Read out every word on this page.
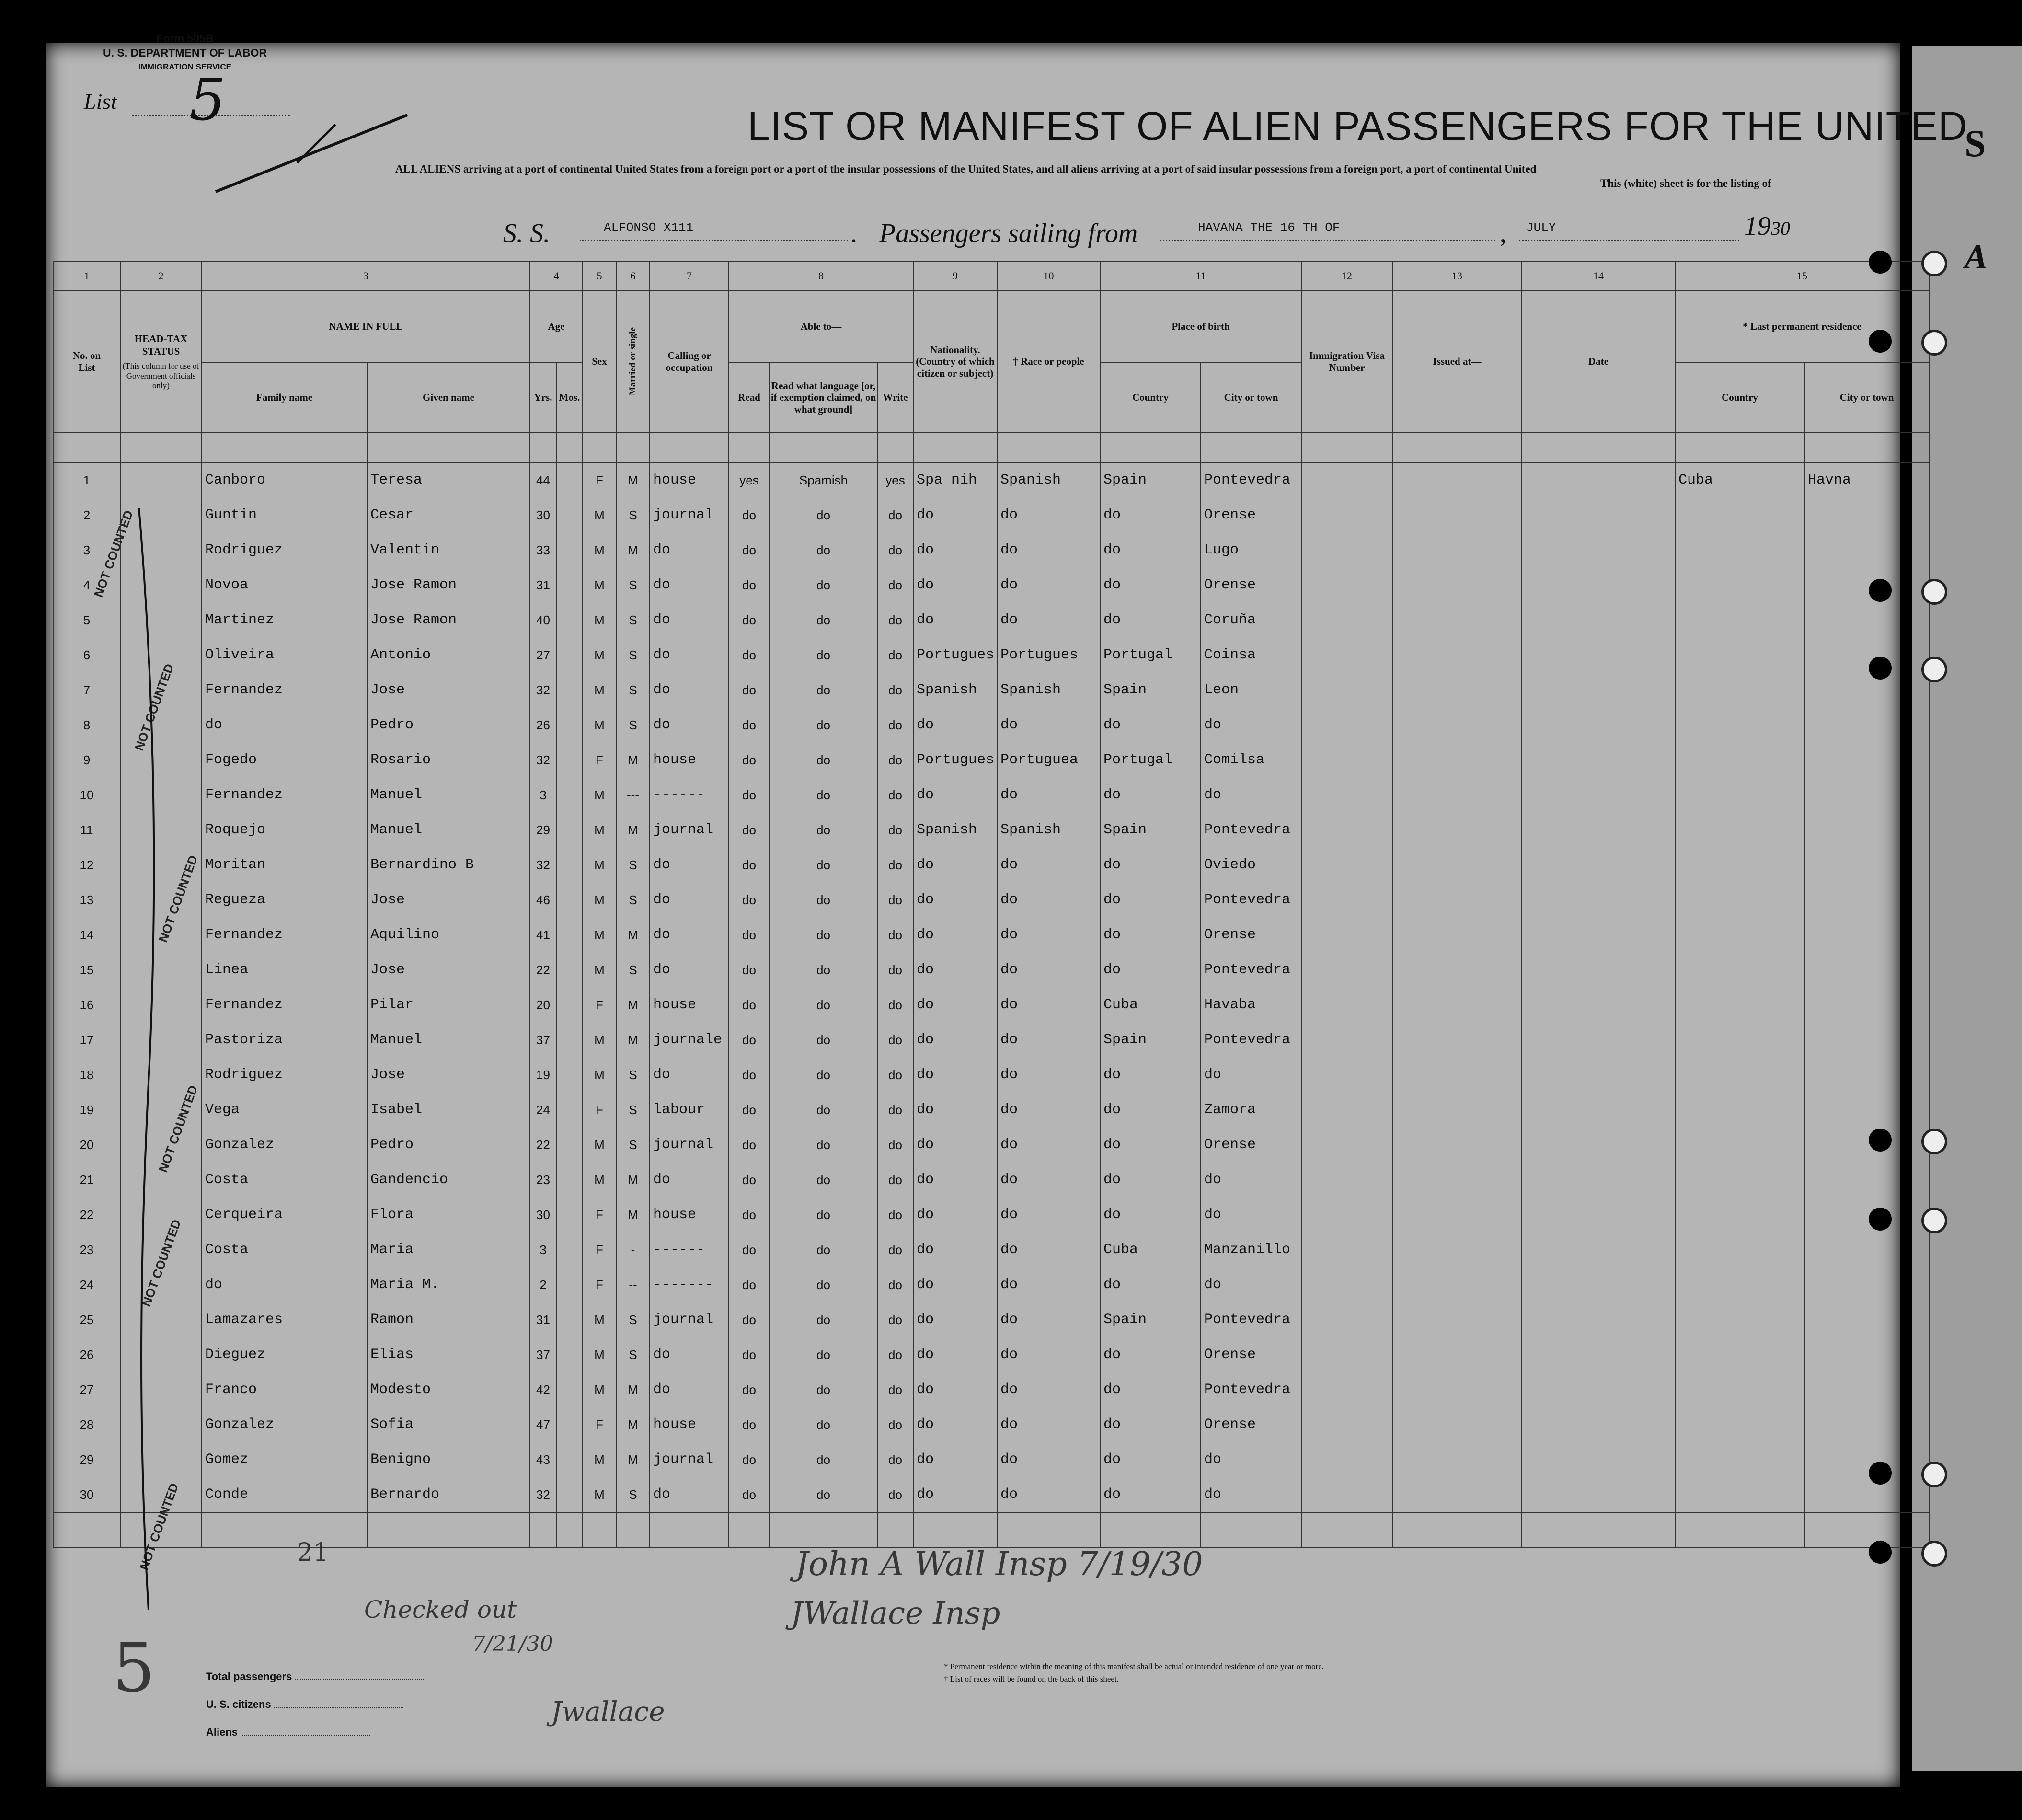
S
A
Form 505B
U. S. DEPARTMENT OF LABOR
IMMIGRATION SERVICE
List 5	LIST OR MANIFEST OF ALIEN PASSENGERS FOR THE UNITED
ALL ALIENS arriving at a port of continental United States from a foreign port or a port of the insular possessions of the United States, and all aliens arriving at a port of said insular possessions from a foreign port, a port of continental United
This (white) sheet is for the listing of
S. S.	ALFONSO X111	. Passengers sailing from	HAVANA THE 16 TH OF	, JULY	1930
1	2	3		4		5	6	7	8			9	10	11		12	13	14	15	

No. on List	HEAD-TAX STATUS
(This column for use of Government officials only)	NAME IN FULL		Age		Sex	Married or single	Calling or occupation	Able to—			Nationality. (Country of which citizen or subject)	† Race or people	Place of birth		Immigration Visa Number	Issued at—	Date	* Last permanent residence	
		Family name	Given name	Yrs.	Mos.				Read	Read what language [or, if exemption claimed, on what ground]	Write			Country	City or town				Country	City or town

1		Canboro	Teresa	44		F	M	house	yes	Spamish	yes	Spa nih	Spanish	Spain	Pontevedra				Cuba	Havna
2		Guntin	Cesar	30		M	S	journal	do	do	do	do	do	do	Orense					
3		Rodriguez	Valentin	33		M	M	do	do	do	do	do	do	do	Lugo					
4		Novoa	Jose Ramon	31		M	S	do	do	do	do	do	do	do	Orense					
5		Martinez	Jose Ramon	40		M	S	do	do	do	do	do	do	do	Coruña					
6		Oliveira	Antonio	27		M	S	do	do	do	do	Portugues	Portugues	Portugal	Coinsa					
7		Fernandez	Jose	32		M	S	do	do	do	do	Spanish	Spanish	Spain	Leon					
8		do	Pedro	26		M	S	do	do	do	do	do	do	do	do					
9		Fogedo	Rosario	32		F	M	house	do	do	do	Portugues	Portuguea	Portugal	Comilsa					
10		Fernandez	Manuel	3		M	---	------	do	do	do	do	do	do	do					
11		Roquejo	Manuel	29		M	M	journal	do	do	do	Spanish	Spanish	Spain	Pontevedra					
12		Moritan	Bernardino B	32		M	S	do	do	do	do	do	do	do	Oviedo					
13		Regueza	Jose	46		M	S	do	do	do	do	do	do	do	Pontevedra					
14		Fernandez	Aquilino	41		M	M	do	do	do	do	do	do	do	Orense					
15		Linea	Jose	22		M	S	do	do	do	do	do	do	do	Pontevedra					
16		Fernandez	Pilar	20		F	M	house	do	do	do	do	do	Cuba	Havaba					
17		Pastoriza	Manuel	37		M	M	journale	do	do	do	do	do	Spain	Pontevedra					
18		Rodriguez	Jose	19		M	S	do	do	do	do	do	do	do	do					
19		Vega	Isabel	24		F	S	labour	do	do	do	do	do	do	Zamora					
20		Gonzalez	Pedro	22		M	S	journal	do	do	do	do	do	do	Orense					
21		Costa	Gandencio	23		M	M	do	do	do	do	do	do	do	do					
22		Cerqueira	Flora	30		F	M	house	do	do	do	do	do	do	do					
23		Costa	Maria	3		F	-	------	do	do	do	do	do	Cuba	Manzanillo					
24		do	Maria M.	2		F	--	-------	do	do	do	do	do	do	do					
25		Lamazares	Ramon	31		M	S	journal	do	do	do	do	do	Spain	Pontevedra					
26		Dieguez	Elias	37		M	S	do	do	do	do	do	do	do	Orense					
27		Franco	Modesto	42		M	M	do	do	do	do	do	do	do	Pontevedra					
28		Gonzalez	Sofia	47		F	M	house	do	do	do	do	do	do	Orense					
29		Gomez	Benigno	43		M	M	journal	do	do	do	do	do	do	do					
30		Conde	Bernardo	32		M	S	do	do	do	do	do	do	do	do					

Total passengers
U. S. citizens
Aliens
* Permanent residence within the meaning of this manifest shall be actual or intended residence of one year or more.
† List of races will be found on the back of this sheet.
John A Wall Insp 7/19/30
JWallace Insp
Checked out
7/21/30
Jwallace
21
5
NOT COUNTED
NOT COUNTED
NOT COUNTED
NOT COUNTED
NOT COUNTED
NOT COUNTED
